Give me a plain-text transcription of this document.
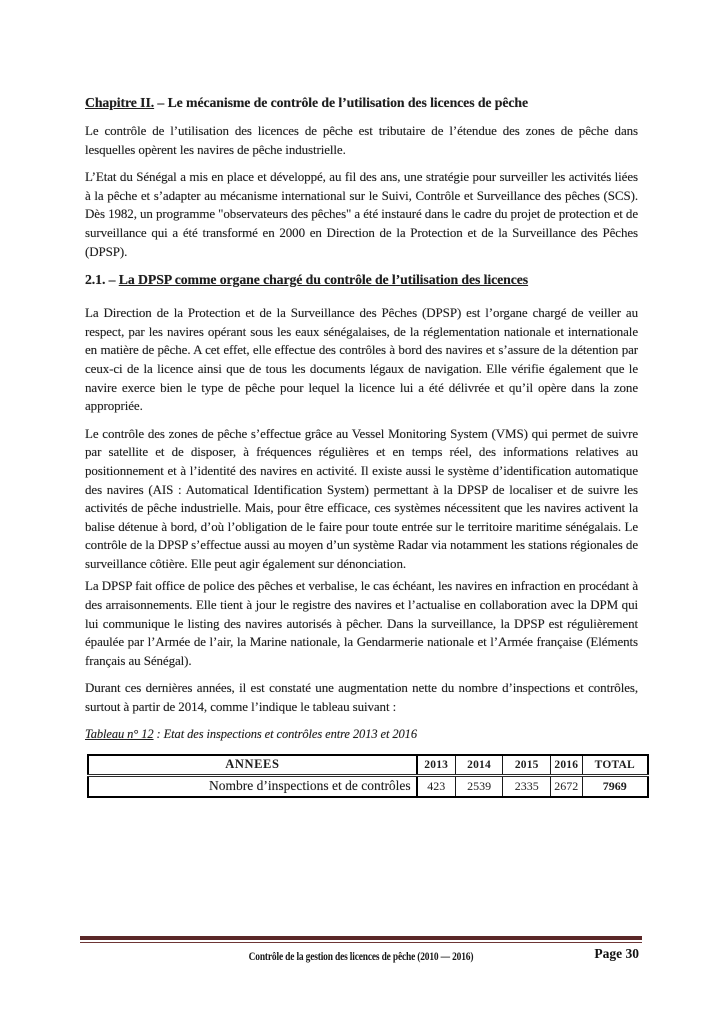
Chapitre II. – Le mécanisme de contrôle de l’utilisation des licences de pêche

Le contrôle de l’utilisation des licences de pêche est tributaire de l’étendue des zones de pêche dans lesquelles opèrent les navires de pêche industrielle.

L’Etat du Sénégal a mis en place et développé, au fil des ans, une stratégie pour surveiller les activités liées à la pêche et s’adapter au mécanisme international sur le Suivi, Contrôle et Surveillance des pêches (SCS). Dès 1982, un programme "observateurs des pêches" a été instauré dans le cadre du projet de protection et de surveillance qui a été transformé en 2000 en Direction de la Protection et de la Surveillance des Pêches (DPSP).

2.1. – La DPSP comme organe chargé du contrôle de l’utilisation des licences

La Direction de la Protection et de la Surveillance des Pêches (DPSP) est l’organe chargé de veiller au respect, par les navires opérant sous les eaux sénégalaises, de la réglementation nationale et internationale en matière de pêche. A cet effet, elle effectue des contrôles à bord des navires et s’assure de la détention par ceux-ci de la licence ainsi que de tous les documents légaux de navigation. Elle vérifie également que le navire exerce bien le type de pêche pour lequel la licence lui a été délivrée et qu’il opère dans la zone appropriée.

Le contrôle des zones de pêche s’effectue grâce au Vessel Monitoring System (VMS) qui permet de suivre par satellite et de disposer, à fréquences régulières et en temps réel, des informations relatives au positionnement et à l’identité des navires en activité. Il existe aussi le système d’identification automatique des navires (AIS : Automatical Identification System) permettant à la DPSP de localiser et de suivre les activités de pêche industrielle. Mais, pour être efficace, ces systèmes nécessitent que les navires activent la balise détenue à bord, d’où l’obligation de le faire pour toute entrée sur le territoire maritime sénégalais. Le contrôle de la DPSP s’effectue aussi au moyen d’un système Radar via notamment les stations régionales de surveillance côtière. Elle peut agir également sur dénonciation.

La DPSP fait office de police des pêches et verbalise, le cas échéant, les navires en infraction en procédant à des arraisonnements. Elle tient à jour le registre des navires et l’actualise en collaboration avec la DPM qui lui communique le listing des navires autorisés à pêcher. Dans la surveillance, la DPSP est régulièrement épaulée par l’Armée de l’air, la Marine nationale, la Gendarmerie nationale et l’Armée française (Eléments français au Sénégal).

Durant ces dernières années, il est constaté une augmentation nette du nombre d’inspections et contrôles, surtout à partir de 2014, comme l’indique le tableau suivant :

Tableau n° 12 : Etat des inspections et contrôles entre 2013 et 2016

ANNEES	2013	2014	2015	2016	TOTAL
Nombre d’inspections et de contrôles	423	2539	2335	2672	7969
Contrôle de la gestion des licences de pêche (2010 — 2016)	Page 30
